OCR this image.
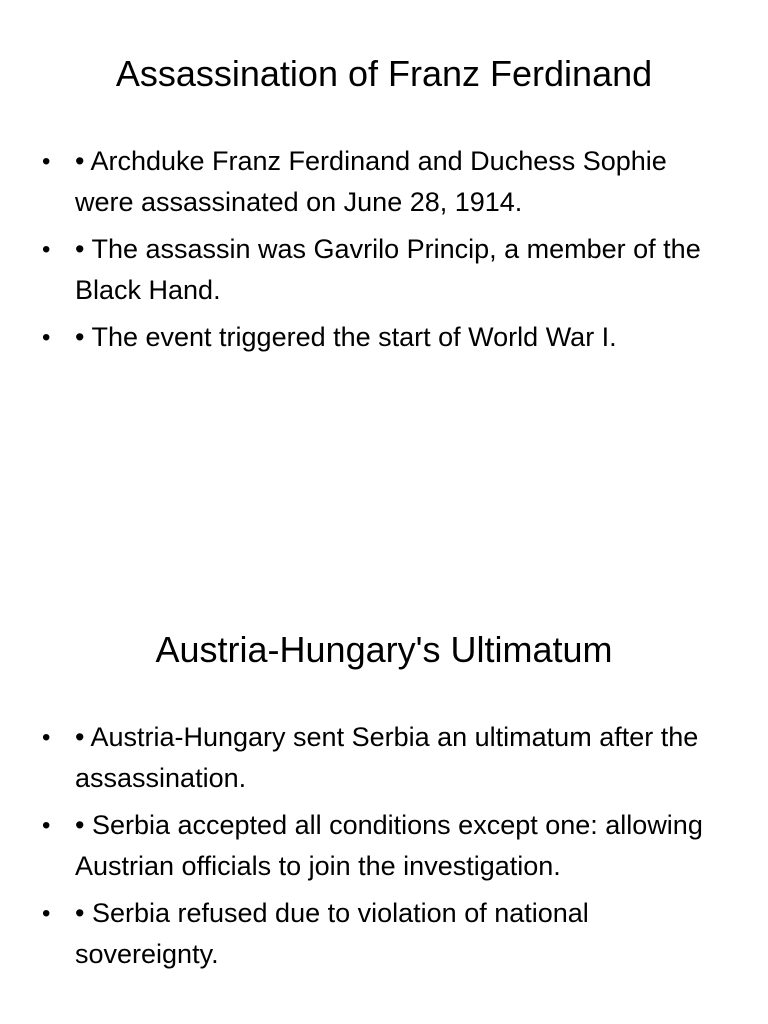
Assassination of Franz Ferdinand
• • Archduke Franz Ferdinand and Duchess Sophie were assassinated on June 28, 1914.
• • The assassin was Gavrilo Princip, a member of the Black Hand.
• • The event triggered the start of World War I.
Austria-Hungary's Ultimatum
• • Austria-Hungary sent Serbia an ultimatum after the assassination.
• • Serbia accepted all conditions except one: allowing Austrian officials to join the investigation.
• • Serbia refused due to violation of national sovereignty.
